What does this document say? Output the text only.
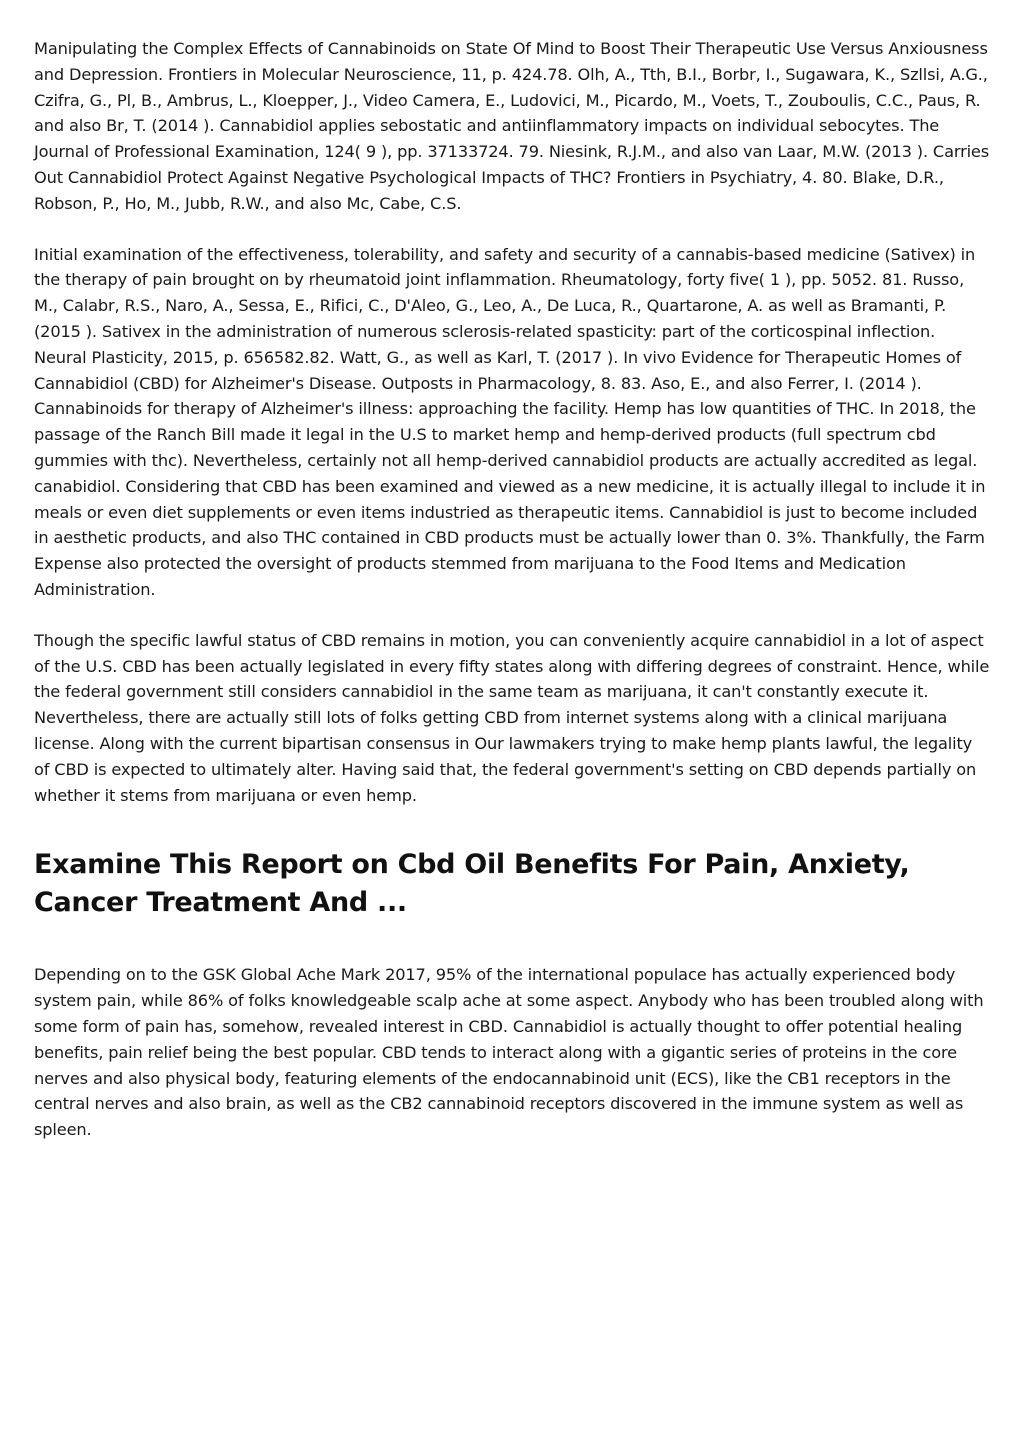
Manipulating the Complex Effects of Cannabinoids on State Of Mind to Boost Their Therapeutic Use Versus Anxiousness and Depression. Frontiers in Molecular Neuroscience, 11, p. 424.78. Olh, A., Tth, B.I., Borbr, I., Sugawara, K., Szllsi, A.G., Czifra, G., Pl, B., Ambrus, L., Kloepper, J., Video Camera, E., Ludovici, M., Picardo, M., Voets, T., Zouboulis, C.C., Paus, R. and also Br, T. (2014 ). Cannabidiol applies sebostatic and antiinflammatory impacts on individual sebocytes. The Journal of Professional Examination, 124( 9 ), pp. 37133724. 79. Niesink, R.J.M., and also van Laar, M.W. (2013 ). Carries Out Cannabidiol Protect Against Negative Psychological Impacts of THC? Frontiers in Psychiatry, 4. 80. Blake, D.R., Robson, P., Ho, M., Jubb, R.W., and also Mc, Cabe, C.S.

Initial examination of the effectiveness, tolerability, and safety and security of a cannabis-based medicine (Sativex) in the therapy of pain brought on by rheumatoid joint inflammation. Rheumatology, forty five( 1 ), pp. 5052. 81. Russo, M., Calabr, R.S., Naro, A., Sessa, E., Rifici, C., D'Aleo, G., Leo, A., De Luca, R., Quartarone, A. as well as Bramanti, P. (2015 ). Sativex in the administration of numerous sclerosis-related spasticity: part of the corticospinal inflection. Neural Plasticity, 2015, p. 656582.82. Watt, G., as well as Karl, T. (2017 ). In vivo Evidence for Therapeutic Homes of Cannabidiol (CBD) for Alzheimer's Disease. Outposts in Pharmacology, 8. 83. Aso, E., and also Ferrer, I. (2014 ). Cannabinoids for therapy of Alzheimer's illness: approaching the facility. Hemp has low quantities of THC. In 2018, the passage of the Ranch Bill made it legal in the U.S to market hemp and hemp-derived products (full spectrum cbd gummies with thc). Nevertheless, certainly not all hemp-derived cannabidiol products are actually accredited as legal. canabidiol. Considering that CBD has been examined and viewed as a new medicine, it is actually illegal to include it in meals or even diet supplements or even items industried as therapeutic items. Cannabidiol is just to become included in aesthetic products, and also THC contained in CBD products must be actually lower than 0. 3%. Thankfully, the Farm Expense also protected the oversight of products stemmed from marijuana to the Food Items and Medication Administration.

Though the specific lawful status of CBD remains in motion, you can conveniently acquire cannabidiol in a lot of aspect of the U.S. CBD has been actually legislated in every fifty states along with differing degrees of constraint. Hence, while the federal government still considers cannabidiol in the same team as marijuana, it can't constantly execute it. Nevertheless, there are actually still lots of folks getting CBD from internet systems along with a clinical marijuana license. Along with the current bipartisan consensus in Our lawmakers trying to make hemp plants lawful, the legality of CBD is expected to ultimately alter. Having said that, the federal government's setting on CBD depends partially on whether it stems from marijuana or even hemp.

Examine This Report on Cbd Oil Benefits For Pain, Anxiety, Cancer Treatment And ...

Depending on to the GSK Global Ache Mark 2017, 95% of the international populace has actually experienced body system pain, while 86% of folks knowledgeable scalp ache at some aspect. Anybody who has been troubled along with some form of pain has, somehow, revealed interest in CBD. Cannabidiol is actually thought to offer potential healing benefits, pain relief being the best popular. CBD tends to interact along with a gigantic series of proteins in the core nerves and also physical body, featuring elements of the endocannabinoid unit (ECS), like the CB1 receptors in the central nerves and also brain, as well as the CB2 cannabinoid receptors discovered in the immune system as well as spleen.
